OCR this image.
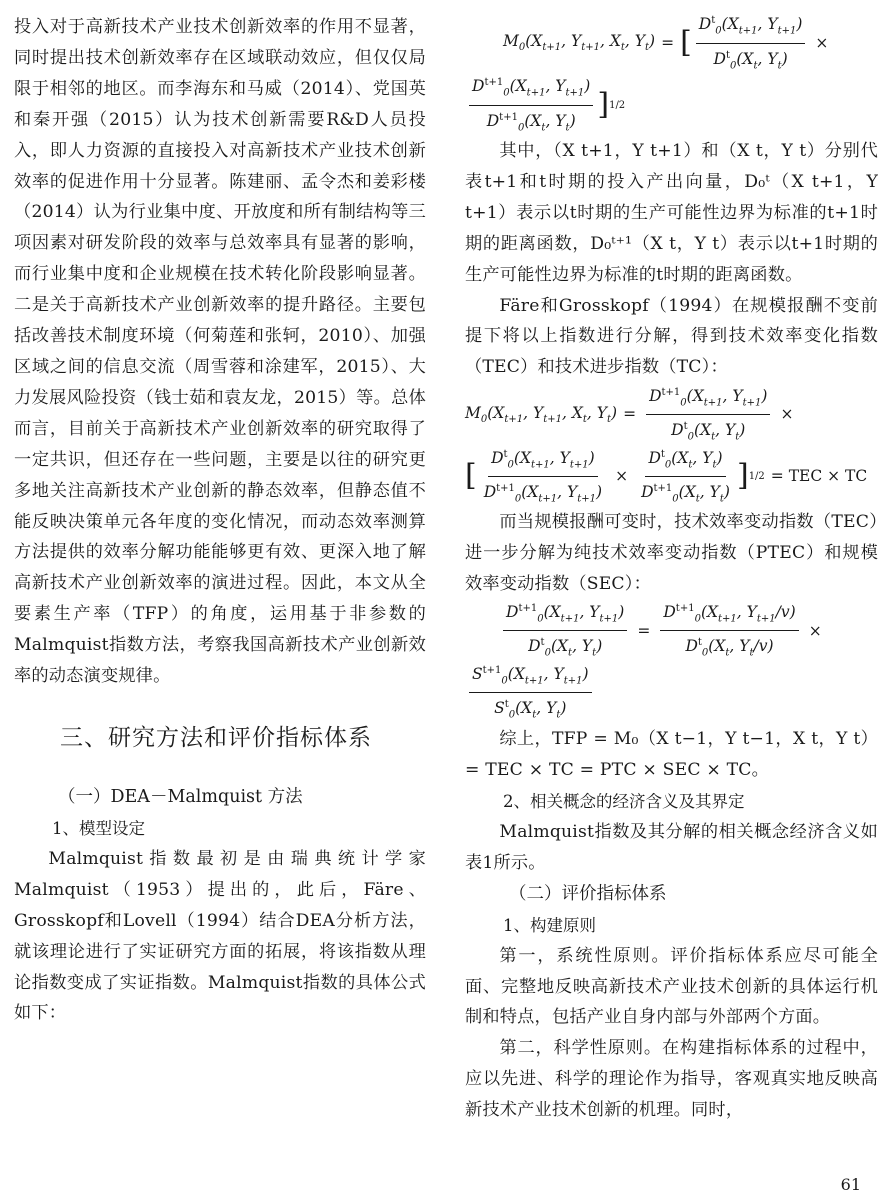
投入对于高新技术产业技术创新效率的作用不显著，同时提出技术创新效率存在区域联动效应，但仅仅局限于相邻的地区。而李海东和马威（2014）、党国英和秦开强（2015）认为技术创新需要R&D人员投入，即人力资源的直接投入对高新技术产业技术创新效率的促进作用十分显著。陈建丽、孟令杰和姜彩楼（2014）认为行业集中度、开放度和所有制结构等三项因素对研发阶段的效率与总效率具有显著的影响，而行业集中度和企业规模在技术转化阶段影响显著。二是关于高新技术产业创新效率的提升路径。主要包括改善技术制度环境（何菊莲和张轲，2010）、加强区域之间的信息交流（周雪蓉和涂建军，2015）、大力发展风险投资（钱士茹和袁友龙，2015）等。总体而言，目前关于高新技术产业创新效率的研究取得了一定共识，但还存在一些问题，主要是以往的研究更多地关注高新技术产业创新的静态效率，但静态值不能反映决策单元各年度的变化情况，而动态效率测算方法提供的效率分解功能能够更有效、更深入地了解高新技术产业创新效率的演进过程。因此，本文从全要素生产率（TFP）的角度，运用基于非参数的Malmquist指数方法，考察我国高新技术产业创新效率的动态演变规律。

三、研究方法和评价指标体系

（一）DEA－Malmquist 方法

1、模型设定

Malmquist指数最初是由瑞典统计学家Malmquist（1953）提出的，此后，Färe、Grosskopf和Lovell（1994）结合DEA分析方法，就该理论进行了实证研究方面的拓展，将该指数从理论指数变成了实证指数。Malmquist指数的具体公式如下：

$M_0(X_{t+1}$, $Y_{t+1}$, $X_t$, $Y_t$) = [ $\frac{D^t_0(X_{t+1}, Y_{t+1})}{D^t_0(X_t, Y_t)}$ ×
$\frac{D^{t+1}_0(X_{t+1}, Y_{t+1})}{D^{t+1}_0(X_t, Y_t)}$ ] 1/2

其中，（X t+1，Y t+1）和（X t，Y t）分别代表t+1和t时期的投入产出向量，D₀ᵗ（X t+1，Y t+1）表示以t时期的生产可能性边界为标准的t+1时期的距离函数，D₀ᵗ⁺¹（X t，Y t）表示以t+1时期的生产可能性边界为标准的t时期的距离函数。

Färe和Grosskopf（1994）在规模报酬不变前提下将以上指数进行分解，得到技术效率变化指数（TEC）和技术进步指数（TC）：

$M_0(X_{t+1}$, $Y_{t+1}$, $X_t$, $Y_t) = \frac{D^{t+1}_0(X_{t+1}, Y_{t+1})}{D^t_0(X_t, Y_t)}$ ×
[ $\frac{D^t_0(X_{t+1}, Y_{t+1})}{D^{t+1}_0(X_{t+1}, Y_{t+1})} \times \frac{D^t_0(X_t, Y_t)}{D^{t+1}_0(X_t, Y_t)}$ ] 1/2 = TEC × TC

而当规模报酬可变时，技术效率变动指数（TEC）进一步分解为纯技术效率变动指数（PTEC）和规模效率变动指数（SEC）：

$\frac{D^{t+1}_0(X_{t+1}, Y_{t+1})}{D^t_0(X_t, Y_t)} = \frac{D^{t+1}_0(X_{t+1}, Y_{t+1}/v)}{D^t_0(X_t, Y_t/v)}$ ×
$\frac{S^{t+1}_0(X_{t+1}, Y_{t+1})}{S^t_0(X_t, Y_t)}$

综上，TFP = M₀（X t−1，Y t−1，X t，Y t）= TEC × TC = PTC × SEC × TC。

2、相关概念的经济含义及其界定

Malmquist指数及其分解的相关概念经济含义如表1所示。

（二）评价指标体系

1、构建原则

第一，系统性原则。评价指标体系应尽可能全面、完整地反映高新技术产业技术创新的具体运行机制和特点，包括产业自身内部与外部两个方面。

第二，科学性原则。在构建指标体系的过程中，应以先进、科学的理论作为指导，客观真实地反映高新技术产业技术创新的机理。同时，

61
